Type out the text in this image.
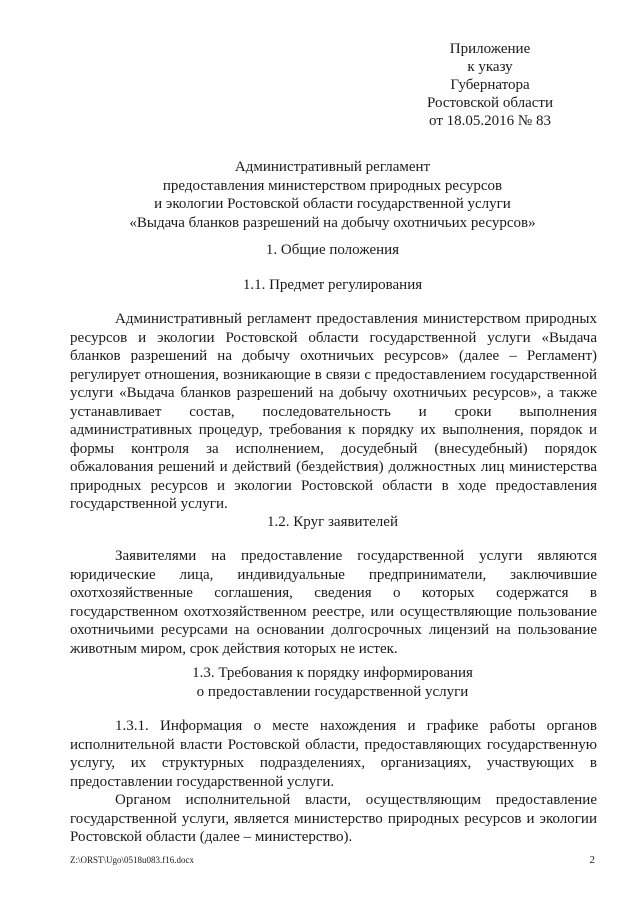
Приложение
к указу
Губернатора
Ростовской области
от 18.05.2016 № 83
Административный регламент
предоставления министерством природных ресурсов
и экологии Ростовской области государственной услуги
«Выдача бланков разрешений на добычу охотничьих ресурсов»
1. Общие положения
1.1. Предмет регулирования

Административный регламент предоставления министерством природных ресурсов и экологии Ростовской области государственной услуги «Выдача бланков разрешений на добычу охотничьих ресурсов» (далее – Регламент) регулирует отношения, возникающие в связи с предоставлением государственной услуги «Выдача бланков разрешений на добычу охотничьих ресурсов», а также устанавливает состав, последовательность и сроки выполнения административных процедур, требования к порядку их выполнения, порядок и формы контроля за исполнением, досудебный (внесудебный) порядок обжалования решений и действий (бездействия) должностных лиц министерства природных ресурсов и экологии Ростовской области в ходе предоставления государственной услуги.

1.2. Круг заявителей

Заявителями на предоставление государственной услуги являются юридические лица, индивидуальные предприниматели, заключившие охотхозяйственные соглашения, сведения о которых содержатся в государственном охотхозяйственном реестре, или осуществляющие пользование охотничьими ресурсами на основании долгосрочных лицензий на пользование животным миром, срок действия которых не истек.

1.3. Требования к порядку информирования
о предоставлении государственной услуги

1.3.1. Информация о месте нахождения и графике работы органов исполнительной власти Ростовской области, предоставляющих государственную услугу, их структурных подразделениях, организациях, участвующих в предоставлении государственной услуги.

Органом исполнительной власти, осуществляющим предоставление государственной услуги, является министерство природных ресурсов и экологии Ростовской области (далее – министерство).

Z:\ORST\Ugo\0518u083.f16.docx	2
